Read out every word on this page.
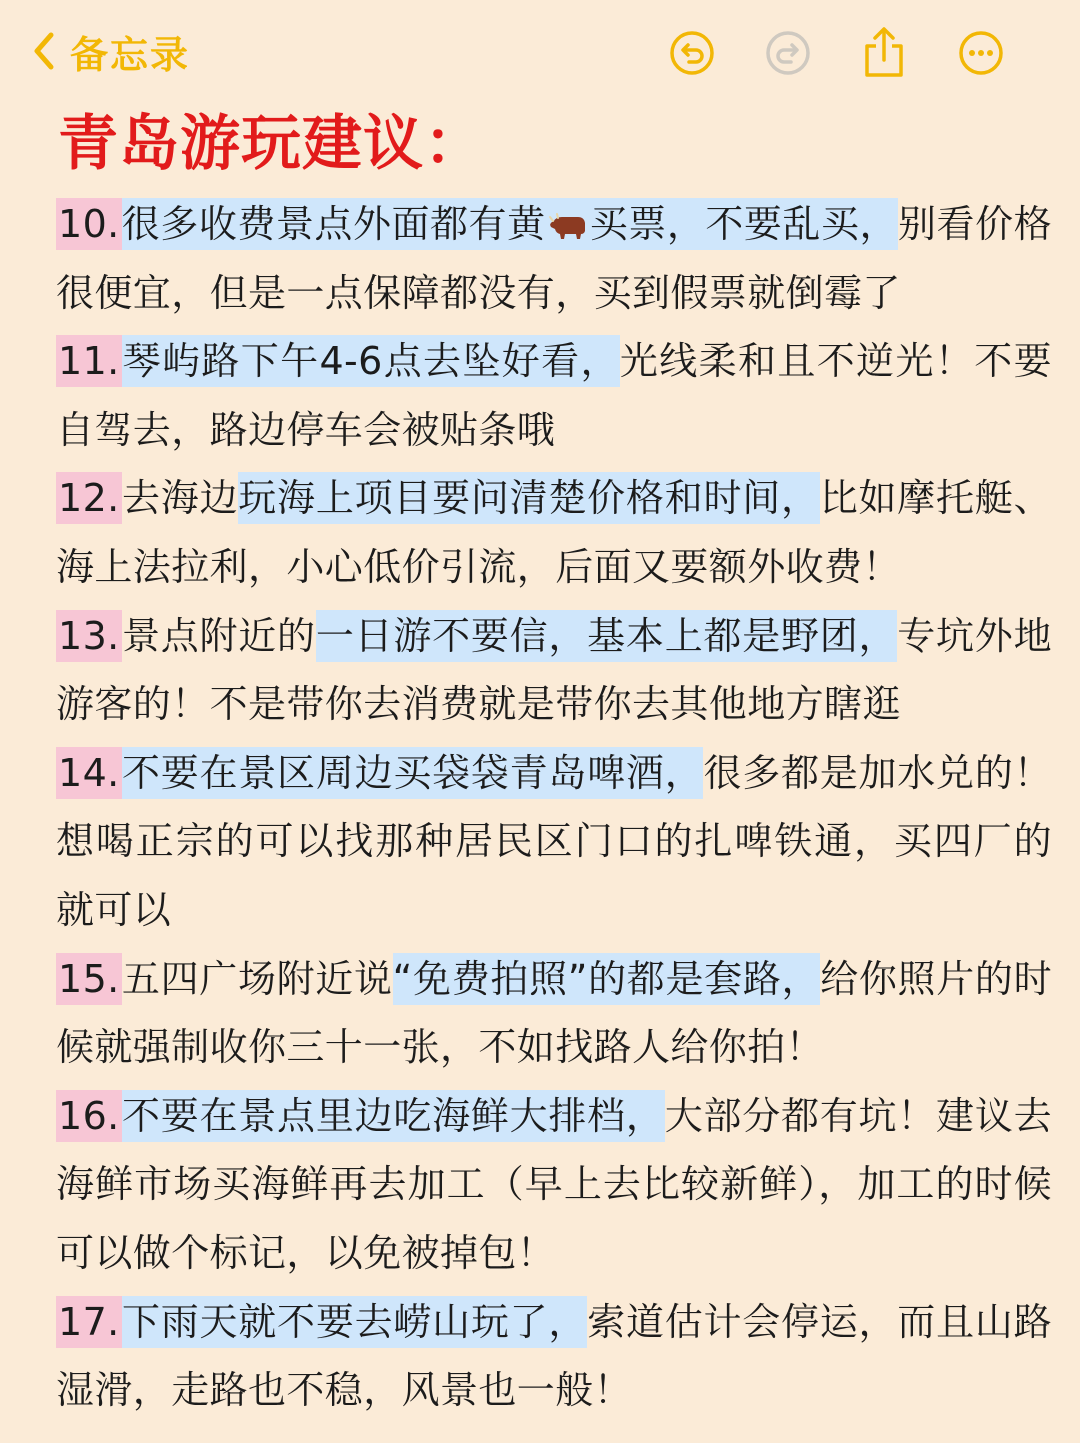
备忘录
青岛游玩建议：

10.很多收费景点外面都有黄 买票，不要乱买，别看价格很便宜，但是一点保障都没有，买到假票就倒霉了

11.琴屿路下午4-6点去坠好看，光线柔和且不逆光！不要自驾去，路边停车会被贴条哦

12.去海边玩海上项目要问清楚价格和时间，比如摩托艇、海上法拉利，小心低价引流，后面又要额外收费！

13.景点附近的一日游不要信，基本上都是野团，专坑外地游客的！不是带你去消费就是带你去其他地方瞎逛

14.不要在景区周边买袋袋青岛啤酒，很多都是加水兑的！想喝正宗的可以找那种居民区门口的扎啤铁通，买四厂的就可以

15.五四广场附近说“免费拍照”的都是套路，给你照片的时候就强制收你三十一张，不如找路人给你拍！

16.不要在景点里边吃海鲜大排档，大部分都有坑！建议去海鲜市场买海鲜再去加工（早上去比较新鲜），加工的时候可以做个标记，以免被掉包！

17.下雨天就不要去崂山玩了，索道估计会停运，而且山路湿滑，走路也不稳，风景也一般！
